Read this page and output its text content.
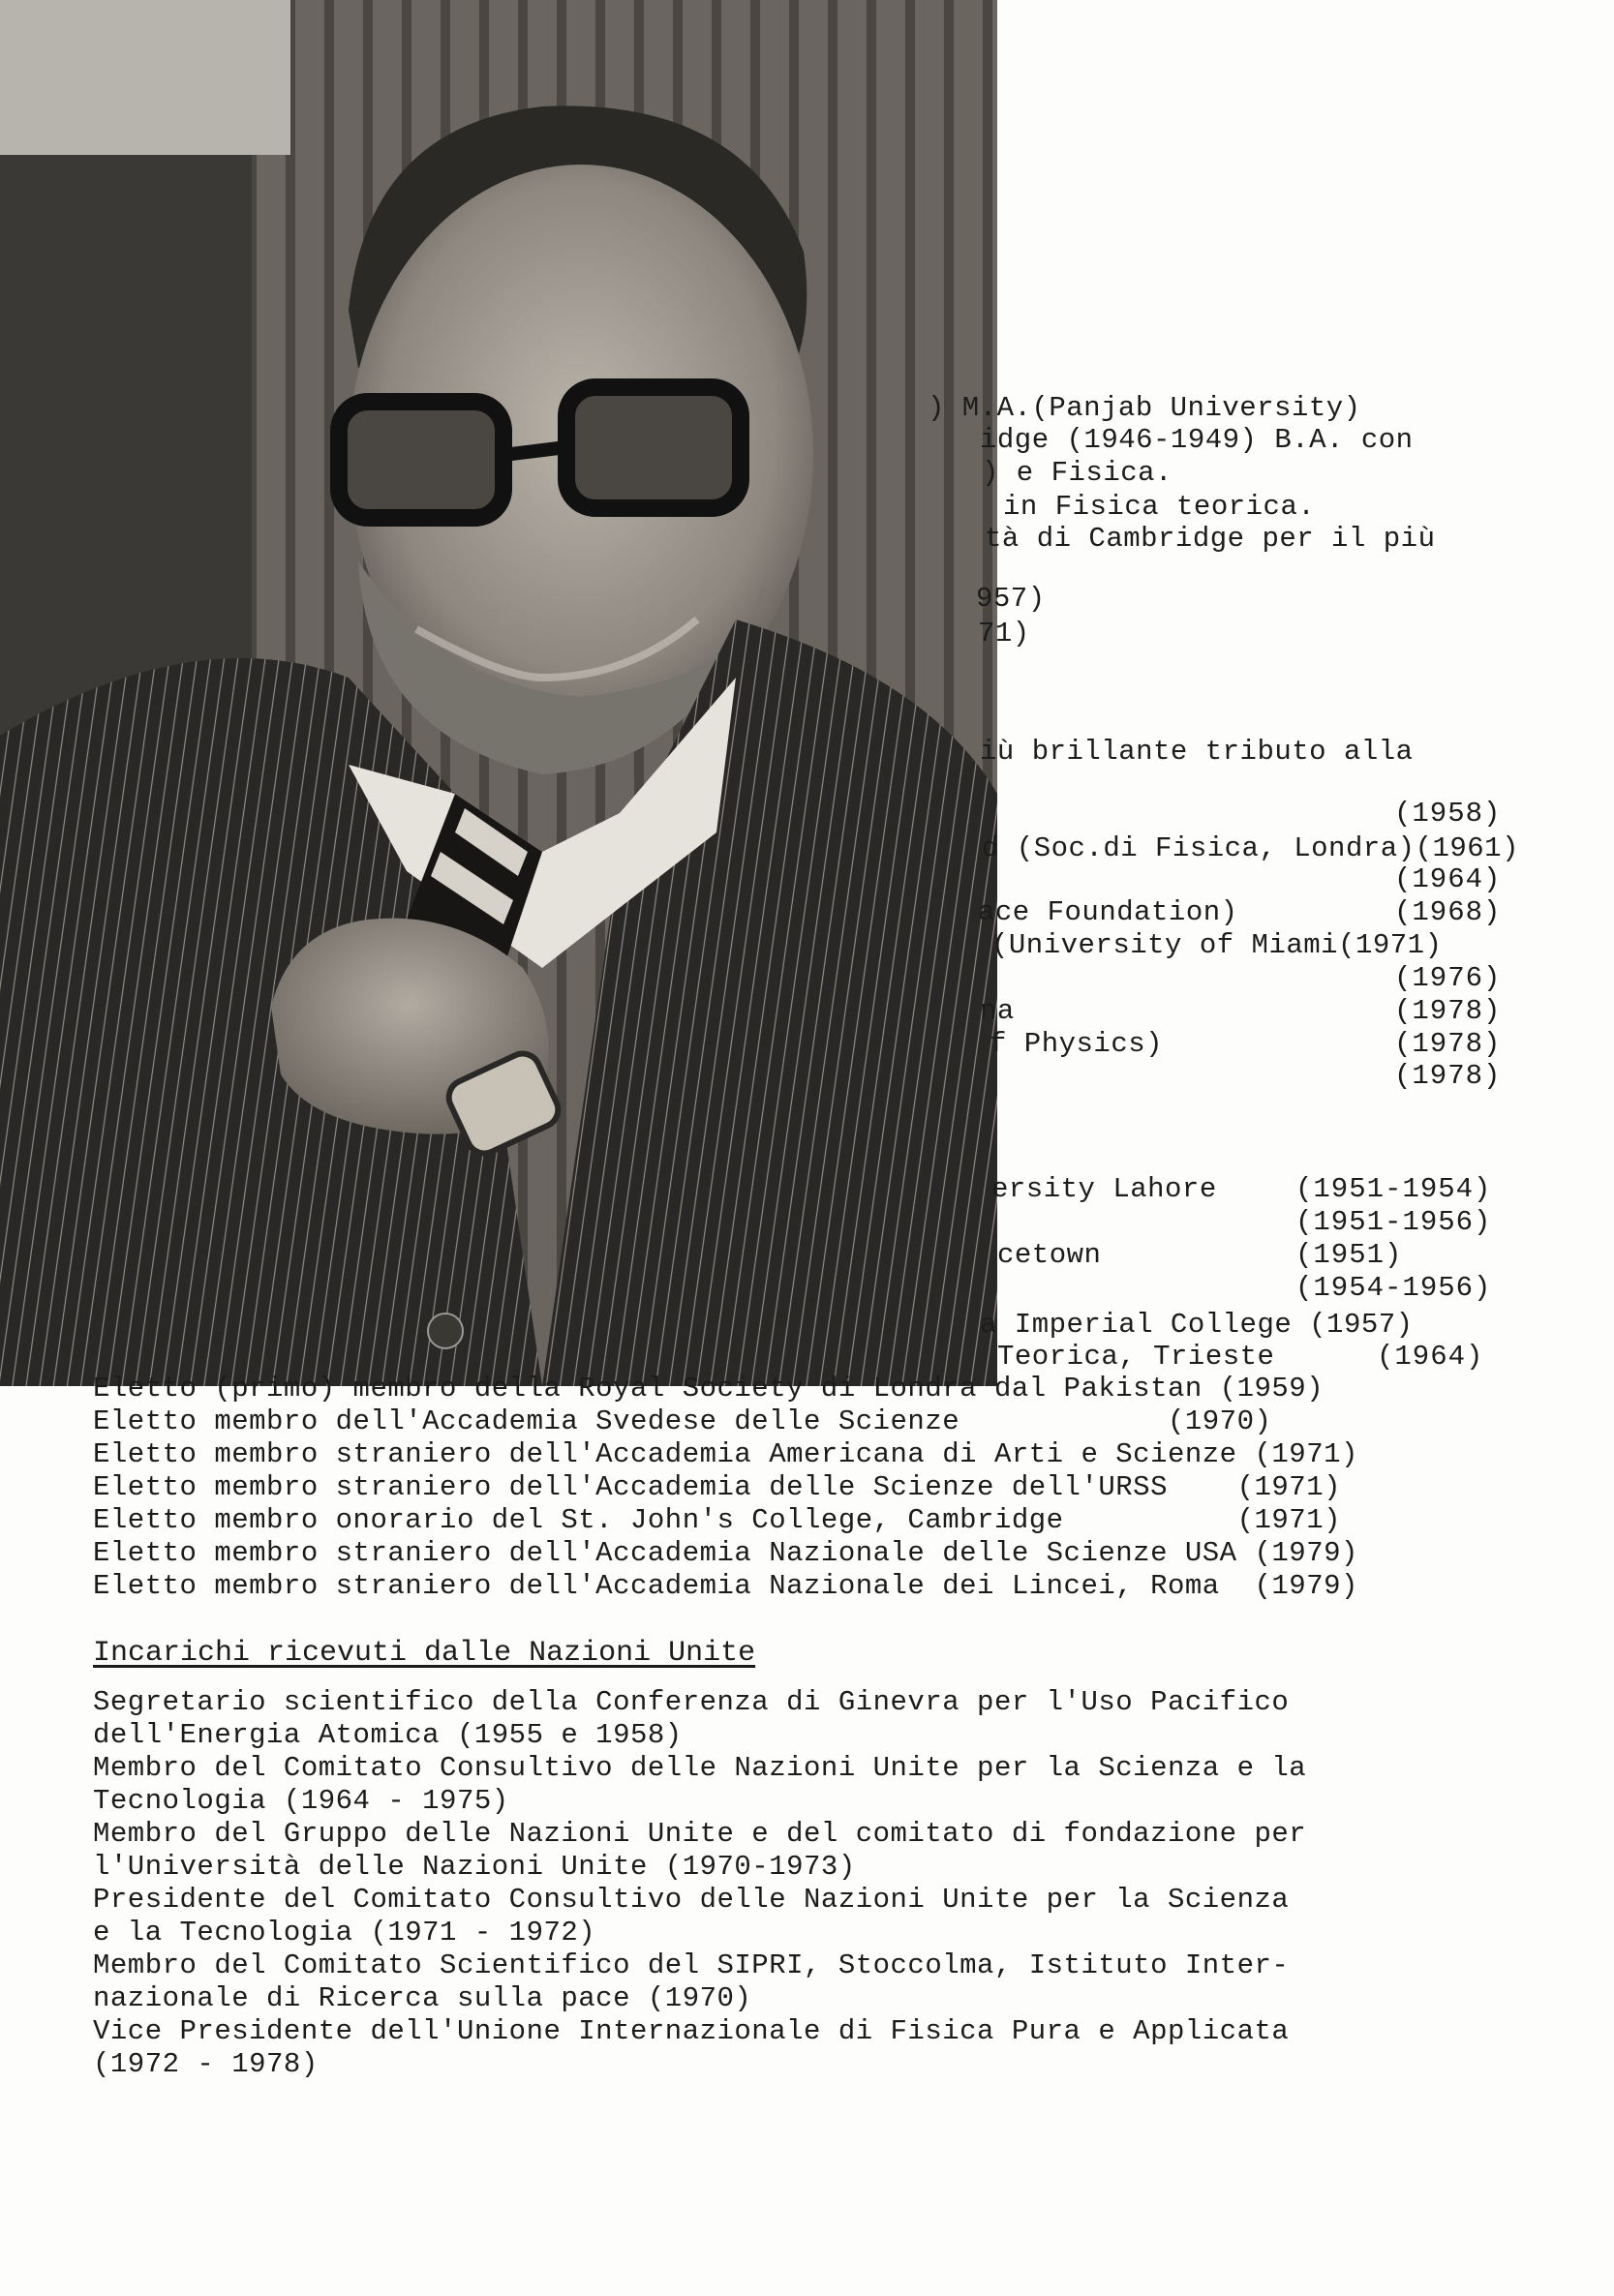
) M.A.(Panjab University)
idge (1946-1949) B.A. con
) e Fisica.
in Fisica teorica.
tà di Cambridge per il più
957)
71)
iù brillante tributo alla
d (Soc.di Fisica, Londra)(1961)
ace Foundation)
(University of Miami(1971)
na
f Physics)
ersity Lahore
cetown
a Imperial College (1957)
Teorica, Trieste
(1958)
(1964)
(1968)
(1976)
(1978)
(1978)
(1978)
(1951-1954)
(1951-1956)
(1951)
(1954-1956)
(1964)
Eletto (primo) membro della Royal Society di Londra dal Pakistan (1959)
Eletto membro dell'Accademia Svedese delle Scienze            (1970)
Eletto membro straniero dell'Accademia Americana di Arti e Scienze (1971)
Eletto membro straniero dell'Accademia delle Scienze dell'URSS    (1971)
Eletto membro onorario del St. John's College, Cambridge          (1971)
Eletto membro straniero dell'Accademia Nazionale delle Scienze USA (1979)
Eletto membro straniero dell'Accademia Nazionale dei Lincei, Roma  (1979)
Incarichi ricevuti dalle Nazioni Unite
Segretario scientifico della Conferenza di Ginevra per l'Uso Pacifico
dell'Energia Atomica (1955 e 1958)
Membro del Comitato Consultivo delle Nazioni Unite per la Scienza e la
Tecnologia (1964 - 1975)
Membro del Gruppo delle Nazioni Unite e del comitato di fondazione per
l'Università delle Nazioni Unite (1970-1973)
Presidente del Comitato Consultivo delle Nazioni Unite per la Scienza
e la Tecnologia (1971 - 1972)
Membro del Comitato Scientifico del SIPRI, Stoccolma, Istituto Inter-
nazionale di Ricerca sulla pace (1970)
Vice Presidente dell'Unione Internazionale di Fisica Pura e Applicata
(1972 - 1978)
